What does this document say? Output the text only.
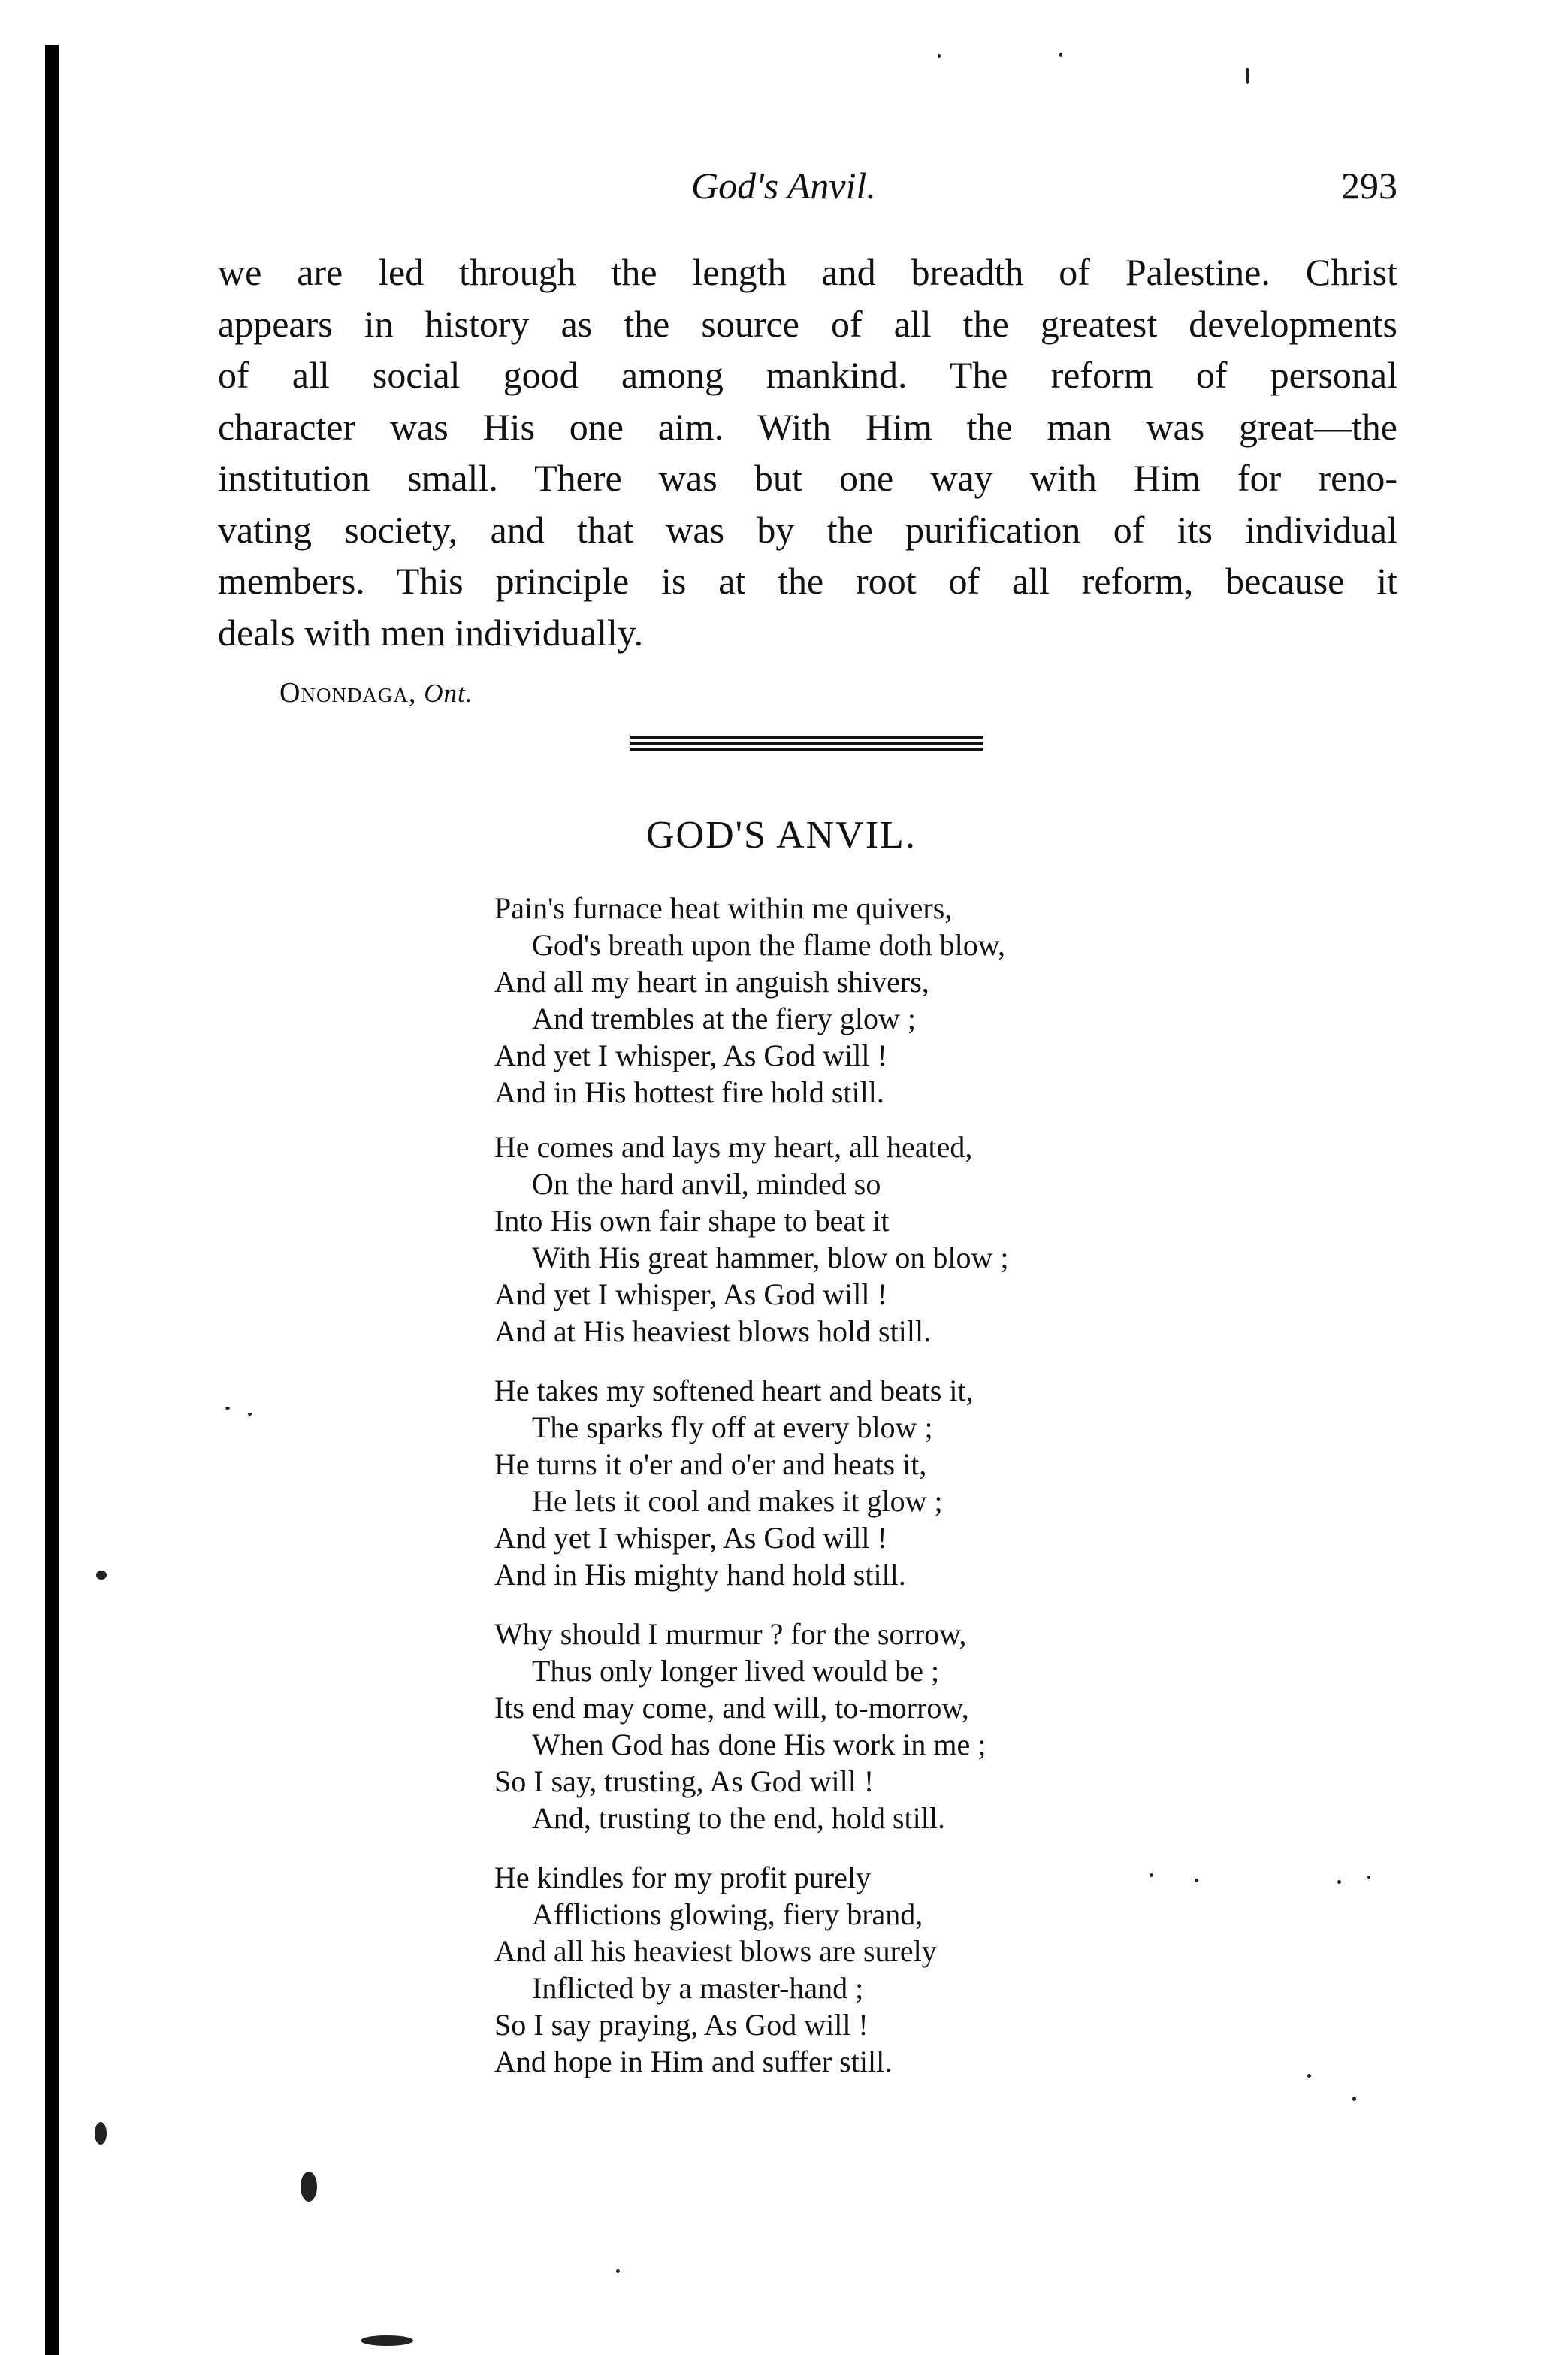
God's Anvil.	293
we are led through the length and breadth of Palestine. Christ
appears in history as the source of all the greatest developments
of all social good among mankind. The reform of personal
character was His one aim. With Him the man was great—the
institution small. There was but one way with Him for reno-
vating society, and that was by the purification of its individual
members. This principle is at the root of all reform, because it
deals with men individually.
Onondaga, Ont.
GOD'S ANVIL.
Pain's furnace heat within me quivers,
God's breath upon the flame doth blow,
And all my heart in anguish shivers,
And trembles at the fiery glow ;
And yet I whisper, As God will !
And in His hottest fire hold still.
He comes and lays my heart, all heated,
On the hard anvil, minded so
Into His own fair shape to beat it
With His great hammer, blow on blow ;
And yet I whisper, As God will !
And at His heaviest blows hold still.
He takes my softened heart and beats it,
The sparks fly off at every blow ;
He turns it o'er and o'er and heats it,
He lets it cool and makes it glow ;
And yet I whisper, As God will !
And in His mighty hand hold still.
Why should I murmur ? for the sorrow,
Thus only longer lived would be ;
Its end may come, and will, to-morrow,
When God has done His work in me ;
So I say, trusting, As God will !
And, trusting to the end, hold still.
He kindles for my profit purely
Afflictions glowing, fiery brand,
And all his heaviest blows are surely
Inflicted by a master-hand ;
So I say praying, As God will !
And hope in Him and suffer still.
